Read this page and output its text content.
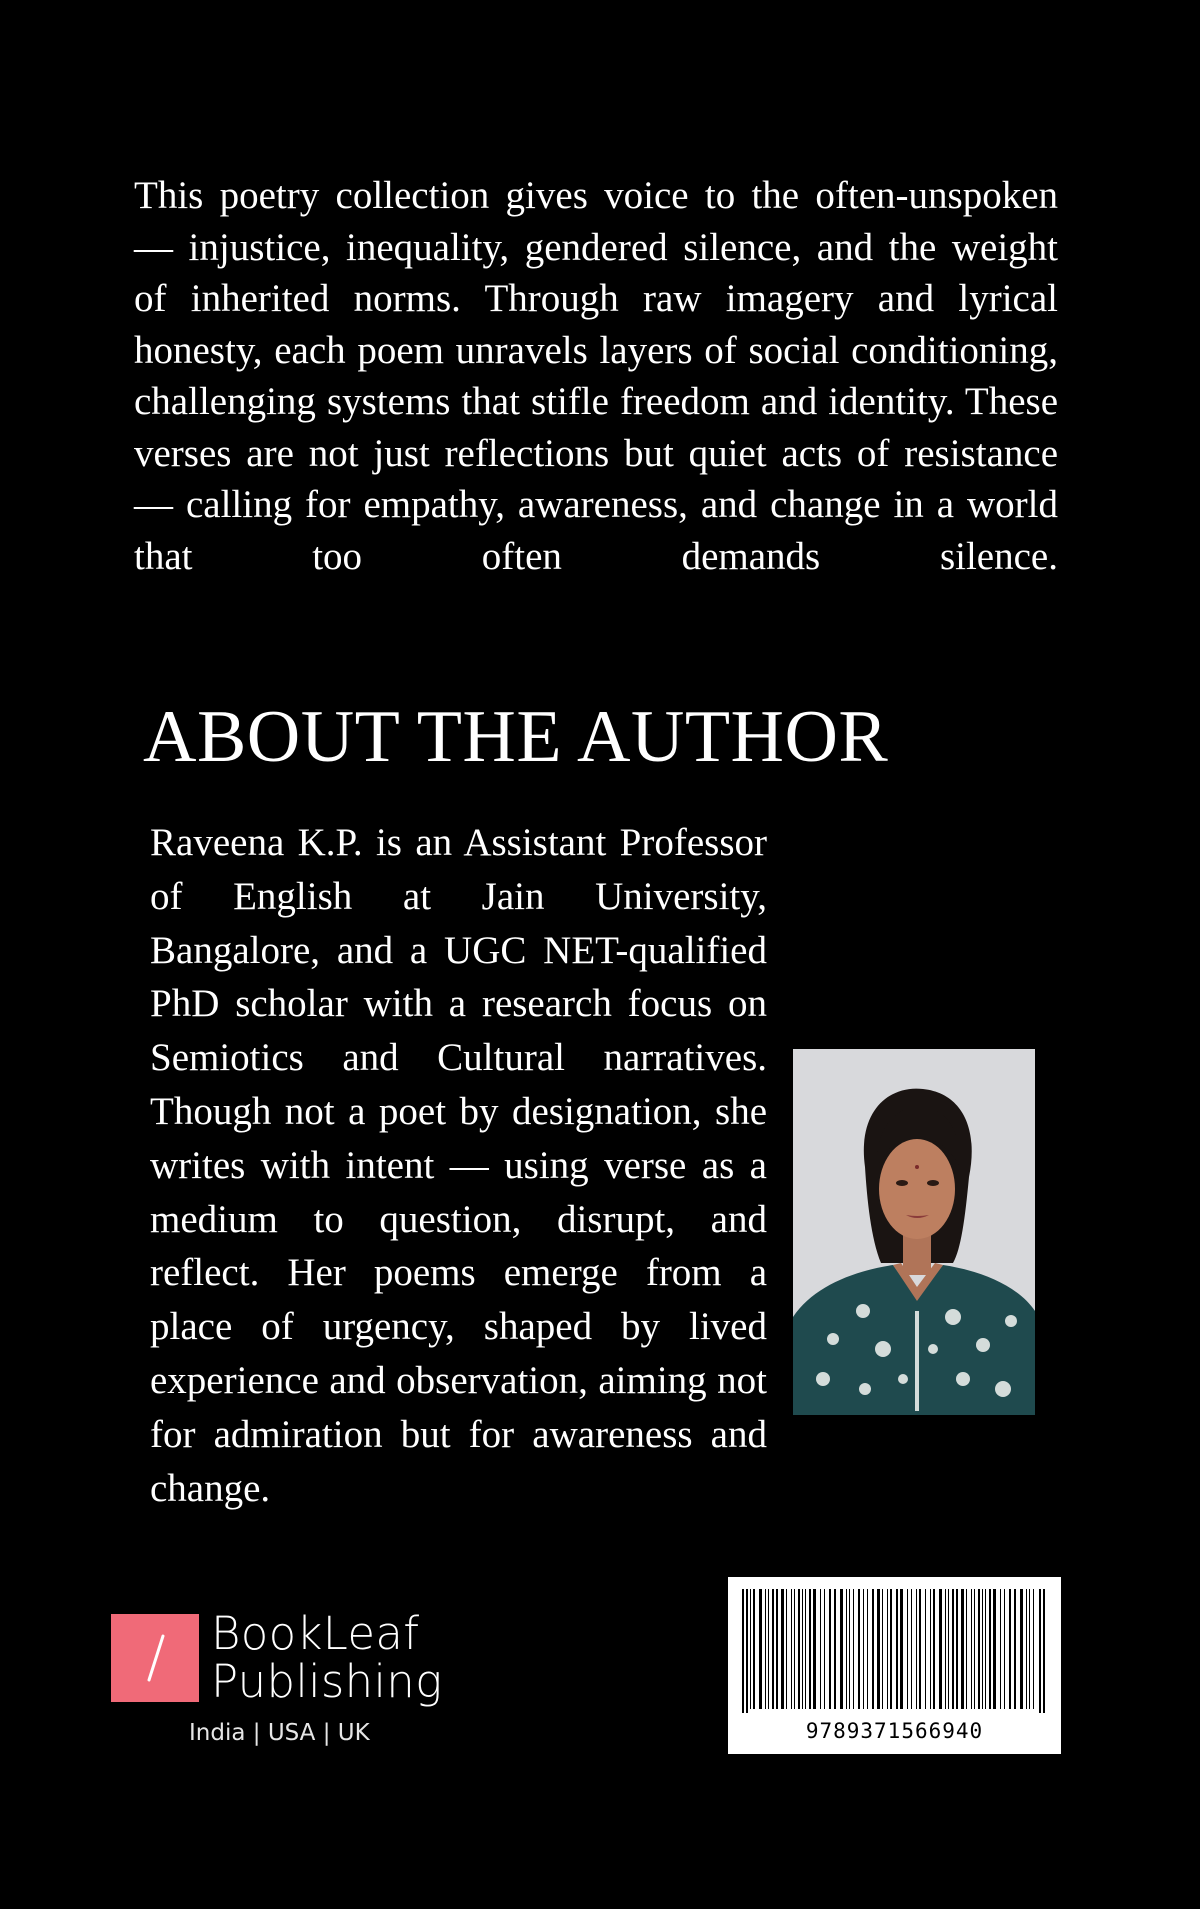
This poetry collection gives voice to the often-unspoken — injustice, inequality, gendered silence, and the weight of inherited norms. Through raw imagery and lyrical honesty, each poem unravels layers of social conditioning, challenging systems that stifle freedom and identity. These verses are not just reflections but quiet acts of resistance — calling for empathy, awareness, and change in a world that too often demands silence.

ABOUT THE AUTHOR

Raveena K.P. is an Assistant Professor of English at Jain University, Bangalore, and a UGC NET-qualified PhD scholar with a research focus on Semiotics and Cultural narratives. Though not a poet by designation, she writes with intent — using verse as a medium to question, disrupt, and reflect. Her poems emerge from a place of urgency, shaped by lived experience and observation, aiming not for admiration but for awareness and change.

BookLeaf
Publishing
India | USA | UK	9789371566940
